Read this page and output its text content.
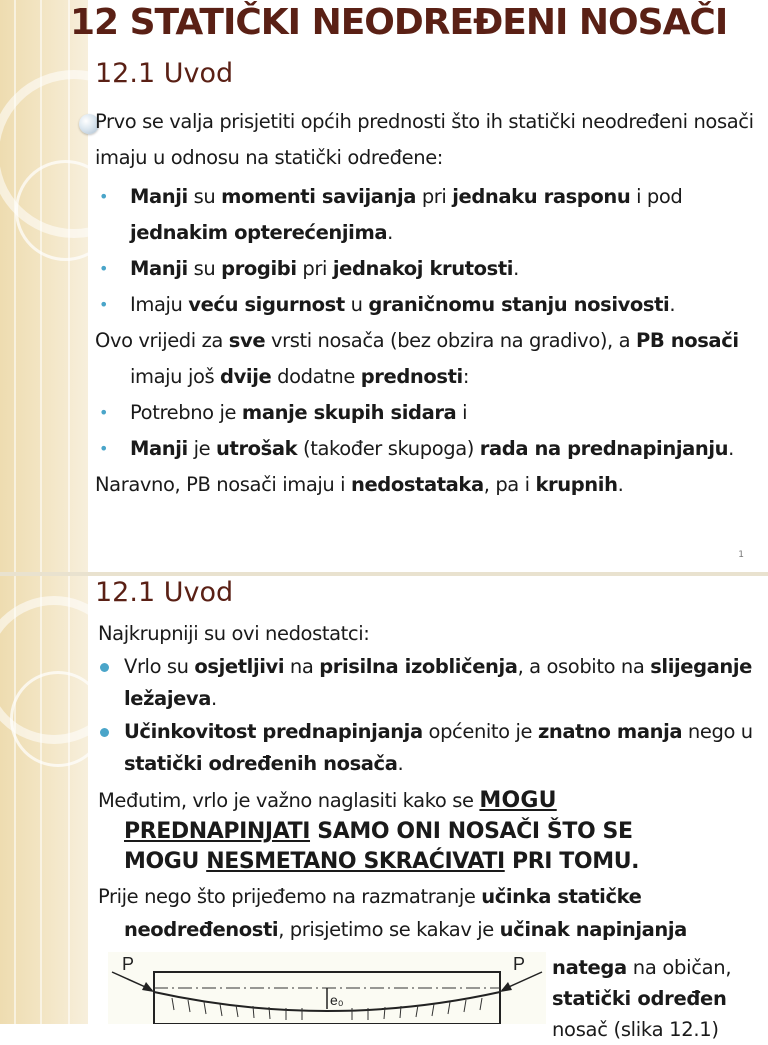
12 STATIČKI NEODREĐENI NOSAČI
12.1 Uvod

Prvo se valja prisjetiti općih prednosti što ih statički neodređeni nosači imaju u odnosu na statički određene:

• Manji su momenti savijanja pri jednaku rasponu i pod jednakim opterećenjima.
• Manji su progibi pri jednakoj krutosti.
• Imaju veću sigurnost u graničnomu stanju nosivosti.

Ovo vrijedi za sve vrsti nosača (bez obzira na gradivo), a PB nosači imaju još dvije dodatne prednosti:

• Potrebno je manje skupih sidara i
• Manji je utrošak (također skupoga) rada na prednapinjanju.

Naravno, PB nosači imaju i nedostataka, pa i krupnih.

1
12.1 Uvod

Najkrupniji su ovi nedostatci:

Vrlo su osjetljivi na prisilna izobličenja, a osobito na slijeganje ležajeva.
Učinkovitost prednapinjanja općenito je znatno manja nego u statički određenih nosača.

Međutim, vrlo je važno naglasiti kako se MOGU
PREDNAPINJATI SAMO ONI NOSAČI ŠTO SE
MOGU NESMETANO SKRAĆIVATI PRI TOMU.

Prije nego što prijeđemo na razmatranje učinka statičke neodređenosti, prisjetimo se kakav je učinak napinjanja

P	P
e₀
natega na običan, statički određen nosač (slika 12.1)
